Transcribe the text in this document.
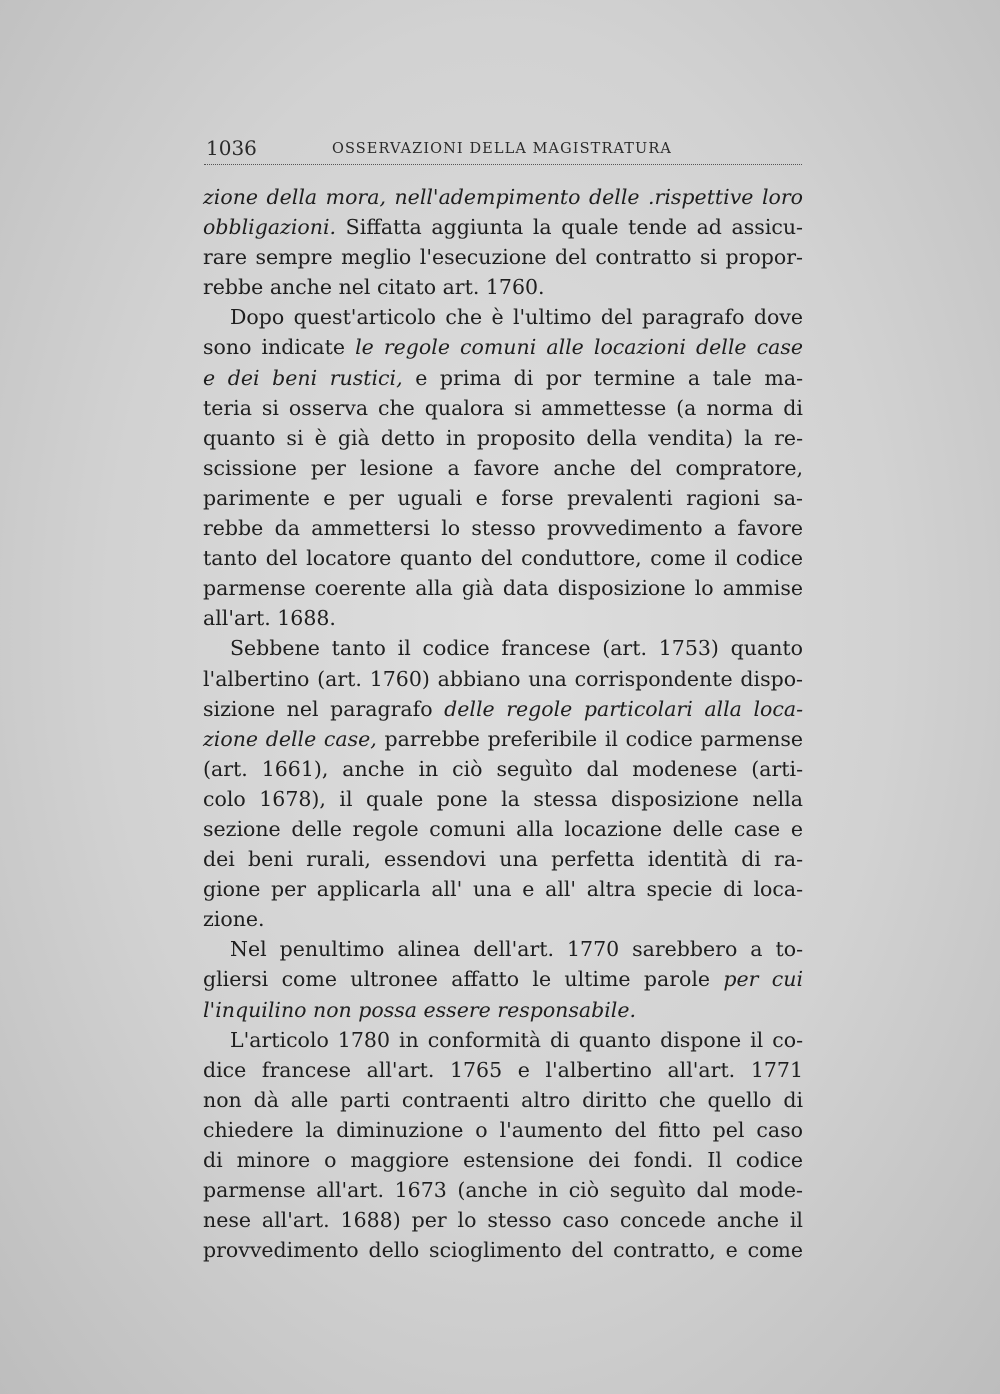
1036	OSSERVAZIONI DELLA MAGISTRATURA
zione della mora, nell'adempimento delle .rispettive loro
obbligazioni. Siffatta aggiunta la quale tende ad assicu-
rare sempre meglio l'esecuzione del contratto si propor-
rebbe anche nel citato art. 1760.
Dopo quest'articolo che è l'ultimo del paragrafo dove
sono indicate le regole comuni alle locazioni delle case
e dei beni rustici, e prima di por termine a tale ma-
teria si osserva che qualora si ammettesse (a norma di
quanto si è già detto in proposito della vendita) la re-
scissione per lesione a favore anche del compratore,
parimente e per uguali e forse prevalenti ragioni sa-
rebbe da ammettersi lo stesso provvedimento a favore
tanto del locatore quanto del conduttore, come il codice
parmense coerente alla già data disposizione lo ammise
all'art. 1688.
Sebbene tanto il codice francese (art. 1753) quanto
l'albertino (art. 1760) abbiano una corrispondente dispo-
sizione nel paragrafo delle regole particolari alla loca-
zione delle case, parrebbe preferibile il codice parmense
(art. 1661), anche in ciò seguìto dal modenese (arti-
colo 1678), il quale pone la stessa disposizione nella
sezione delle regole comuni alla locazione delle case e
dei beni rurali, essendovi una perfetta identità di ra-
gione per applicarla all' una e all' altra specie di loca-
zione.
Nel penultimo alinea dell'art. 1770 sarebbero a to-
gliersi come ultronee affatto le ultime parole per cui
l'inquilino non possa essere responsabile.
L'articolo 1780 in conformità di quanto dispone il co-
dice francese all'art. 1765 e l'albertino all'art. 1771
non dà alle parti contraenti altro diritto che quello di
chiedere la diminuzione o l'aumento del fitto pel caso
di minore o maggiore estensione dei fondi. Il codice
parmense all'art. 1673 (anche in ciò seguìto dal mode-
nese all'art. 1688) per lo stesso caso concede anche il
provvedimento dello scioglimento del contratto, e come
